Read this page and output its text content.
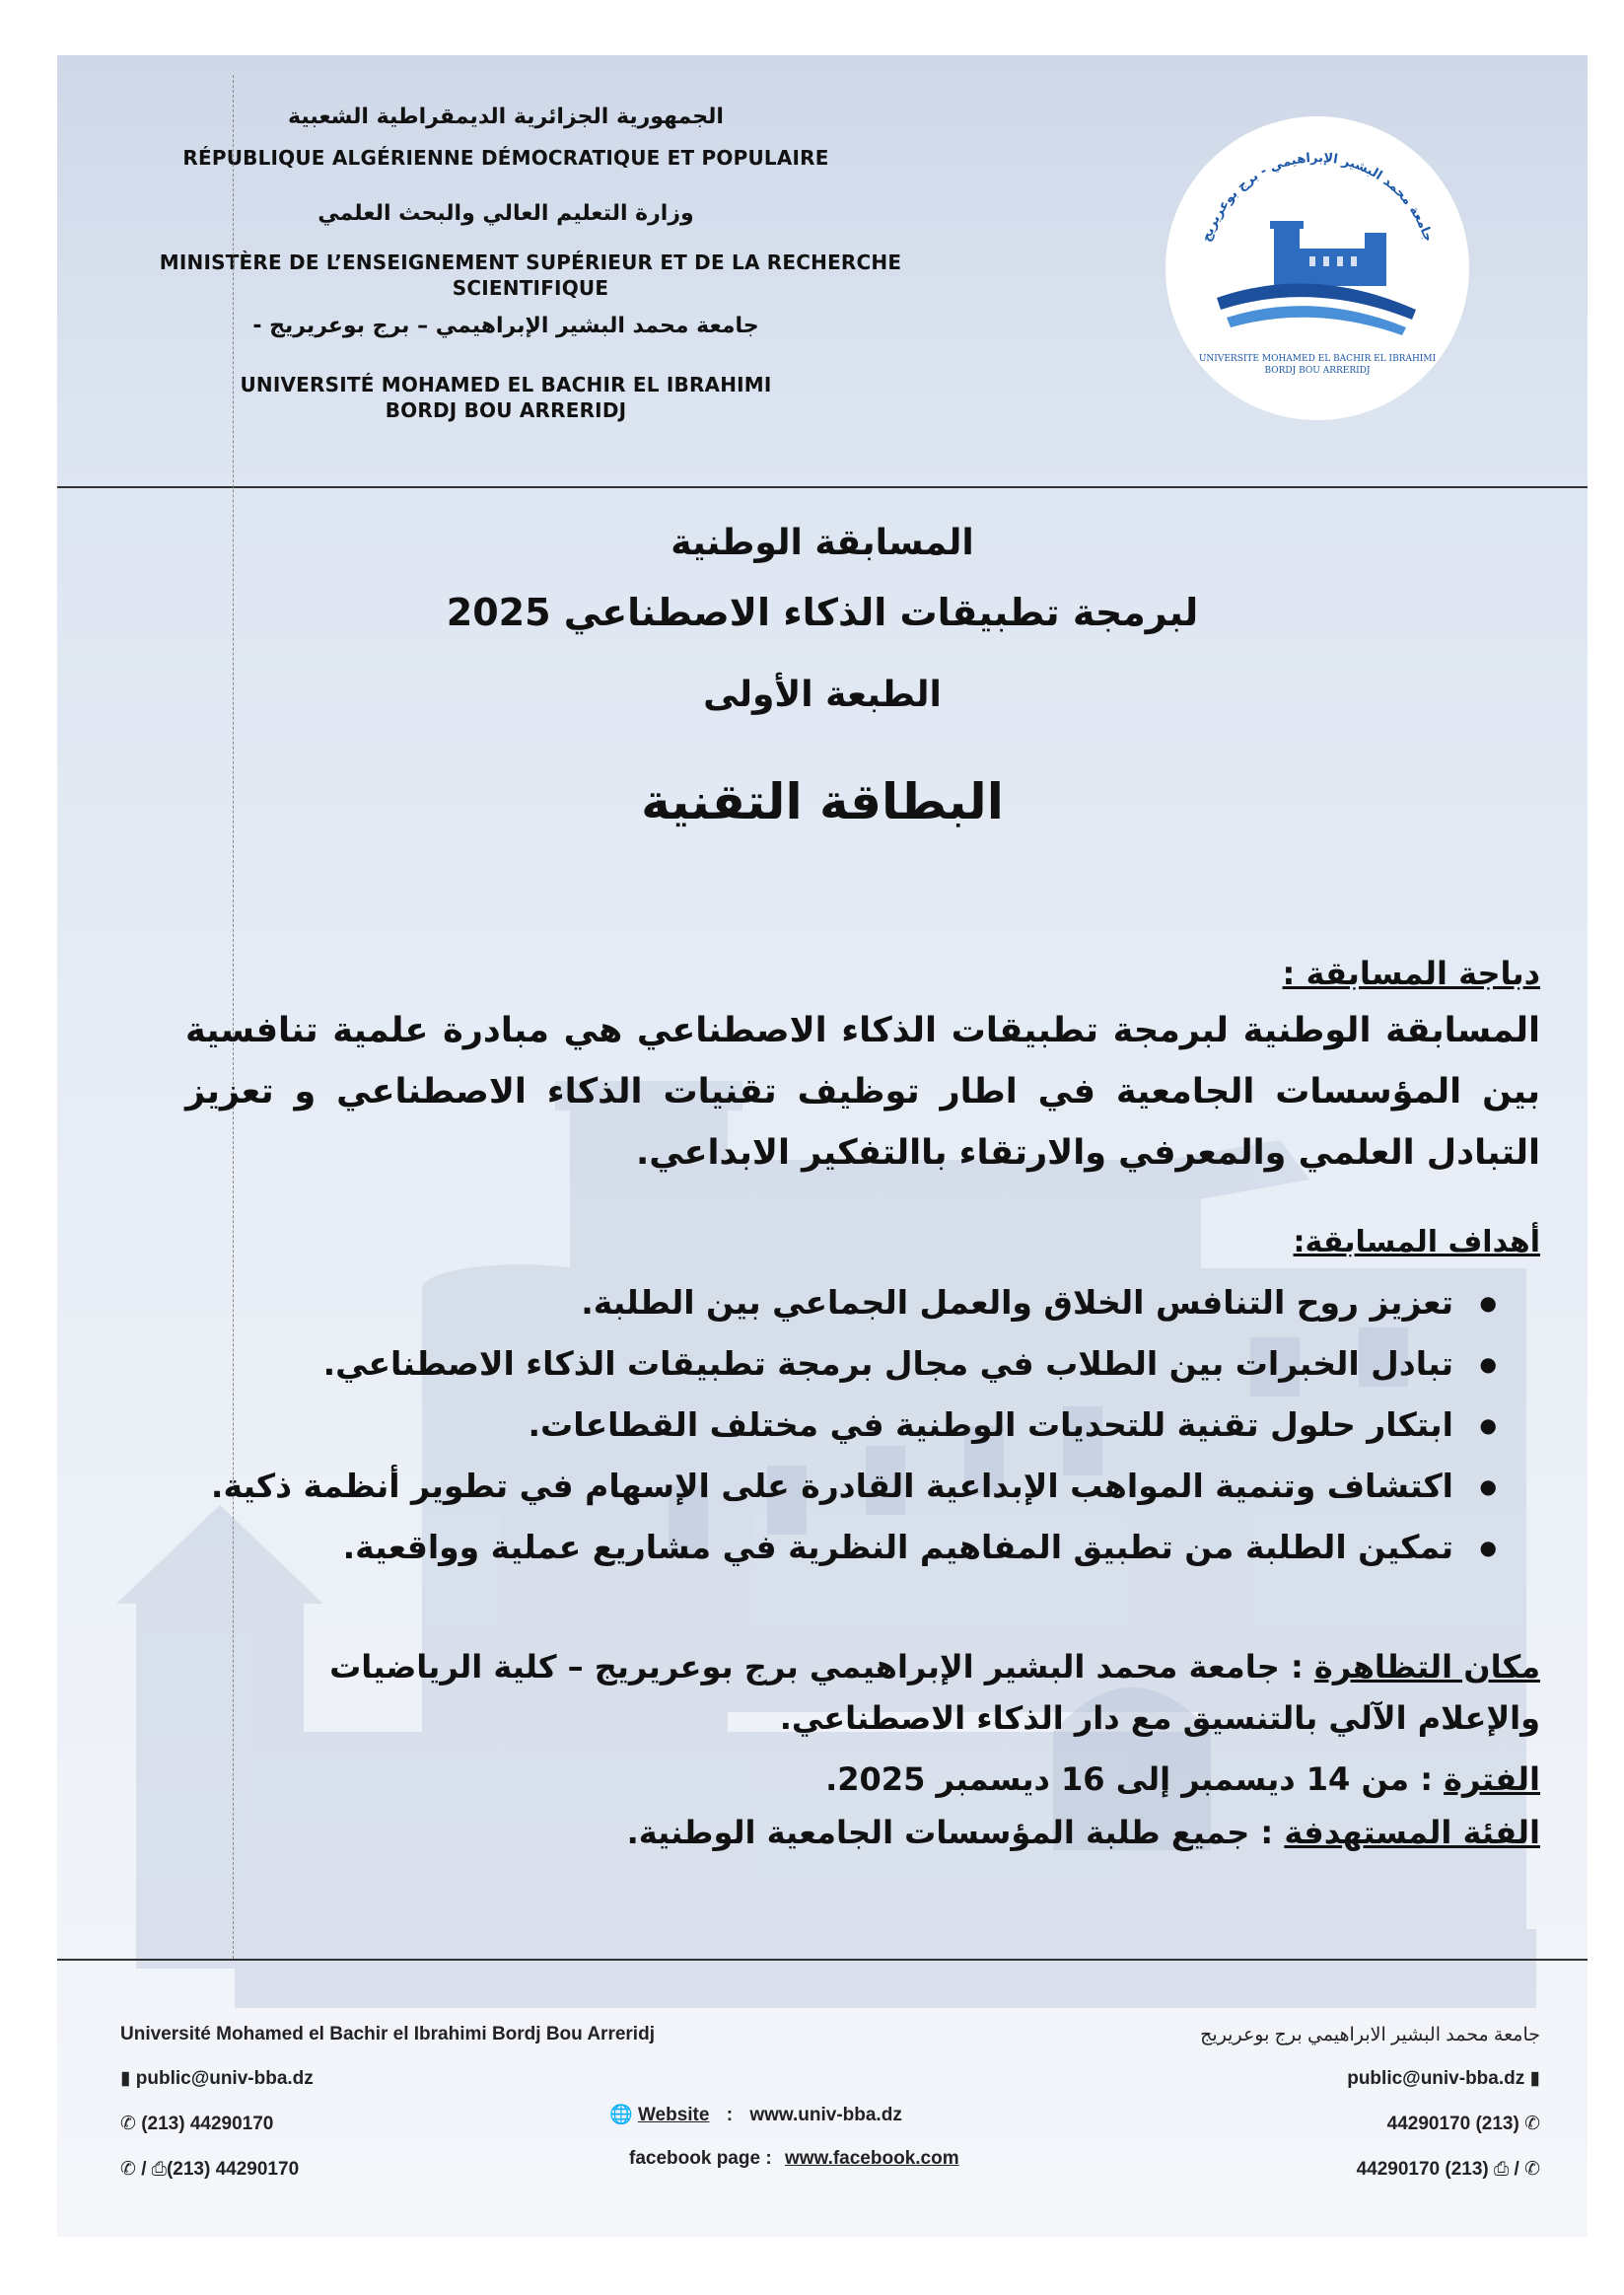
الجمهورية الجزائرية الديمقراطية الشعبية
RÉPUBLIQUE ALGÉRIENNE DÉMOCRATIQUE ET POPULAIRE
وزارة التعليم العالي والبحث العلمي
MINISTÈRE DE L’ENSEIGNEMENT SUPÉRIEUR ET DE LA RECHERCHE
SCIENTIFIQUE
جامعة محمد البشير الإبراهيمي – برج بوعريريج -
UNIVERSITÉ MOHAMED EL BACHIR EL IBRAHIMI
BORDJ BOU ARRERIDJ
جامعة محمد البشير الإبراهيمي - برج بوعريريج
UNIVERSITE MOHAMED EL BACHIR EL IBRAHIMI
BORDJ BOU ARRERIDJ
المسابقة الوطنية
لبرمجة تطبيقات الذكاء الاصطناعي 2025
الطبعة الأولى
البطاقة التقنية
دباجة المسابقة :
المسابقة الوطنية لبرمجة تطبيقات الذكاء الاصطناعي هي مبادرة علمية تنافسية بين المؤسسات الجامعية في اطار توظيف تقنيات الذكاء الاصطناعي و تعزيز التبادل العلمي والمعرفي والارتقاء باالتفكير الابداعي.
أهداف المسابقة:
● تعزيز روح التنافس الخلاق والعمل الجماعي بين الطلبة.
● تبادل الخبرات بين الطلاب في مجال برمجة تطبيقات الذكاء الاصطناعي.
● ابتكار حلول تقنية للتحديات الوطنية في مختلف القطاعات.
● اكتشاف وتنمية المواهب الإبداعية القادرة على الإسهام في تطوير أنظمة ذكية.
● تمكين الطلبة من تطبيق المفاهيم النظرية في مشاريع عملية وواقعية.
مكان التظاهرة : جامعة محمد البشير الإبراهيمي برج بوعريريج – كلية الرياضيات والإعلام الآلي بالتنسيق مع دار الذكاء الاصطناعي.
الفترة : من 14 ديسمبر إلى 16 ديسمبر 2025.
الفئة المستهدفة : جميع طلبة المؤسسات الجامعية الوطنية.
Université Mohamed el Bachir el Ibrahimi Bordj Bou Arreridj
▮ public@univ-bba.dz
✆ (213) 44290170
✆ / ⎙(213) 44290170
🌐 Website : www.univ-bba.dz
facebook page : www.facebook.com
جامعة محمد البشير الابراهيمي برج بوعريريج
public@univ-bba.dz ▮
44290170 (213) ✆
44290170 (213) ⎙ / ✆
